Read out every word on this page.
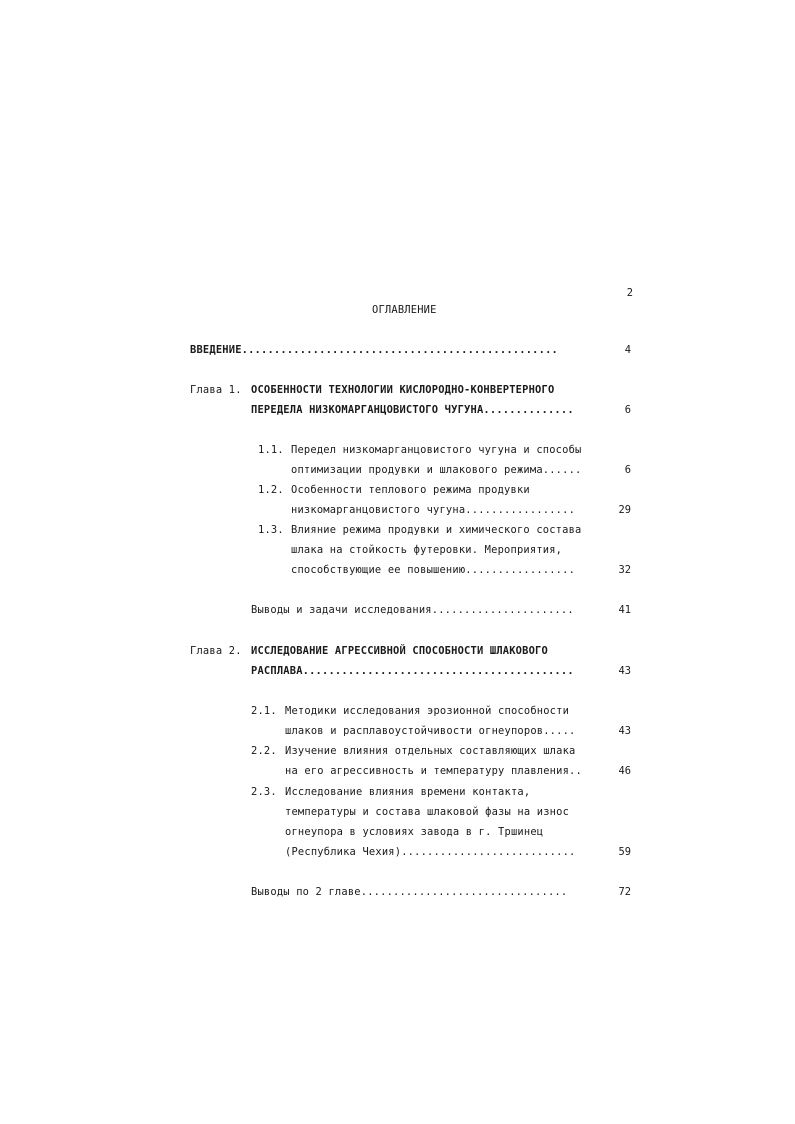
2
ОГЛАВЛЕНИЕ
ВВЕДЕНИЕ.................................................	4
Глава 1. ОСОБЕННОСТИ ТЕХНОЛОГИИ КИСЛОРОДНО-КОНВЕРТЕРНОГО
ПЕРЕДЕЛА НИЗКОМАРГАНЦОВИСТОГО ЧУГУНА..............	6
1.1. Передел низкомарганцовистого чугуна и способы
оптимизации продувки и шлакового режима......	6
1.2. Особенности теплового режима продувки
низкомарганцовистого чугуна.................	29
1.3. Влияние режима продувки и химического состава
шлака на стойкость футеровки. Мероприятия,
способствующие ее повышению.................	32
Выводы и задачи исследования......................	41
Глава 2. ИССЛЕДОВАНИЕ АГРЕССИВНОЙ СПОСОБНОСТИ ШЛАКОВОГО
РАСПЛАВА..........................................	43
2.1. Методики исследования эрозионной способности
шлаков и расплавоустойчивости огнеупоров.....	43
2.2. Изучение влияния отдельных составляющих шлака
на его агрессивность и температуру плавления..	46
2.3. Исследование влияния времени контакта,
температуры и состава шлаковой фазы на износ
огнеупора в условиях завода в г. Тршинец
(Республика Чехия)...........................	59
Выводы по 2 главе................................	72
